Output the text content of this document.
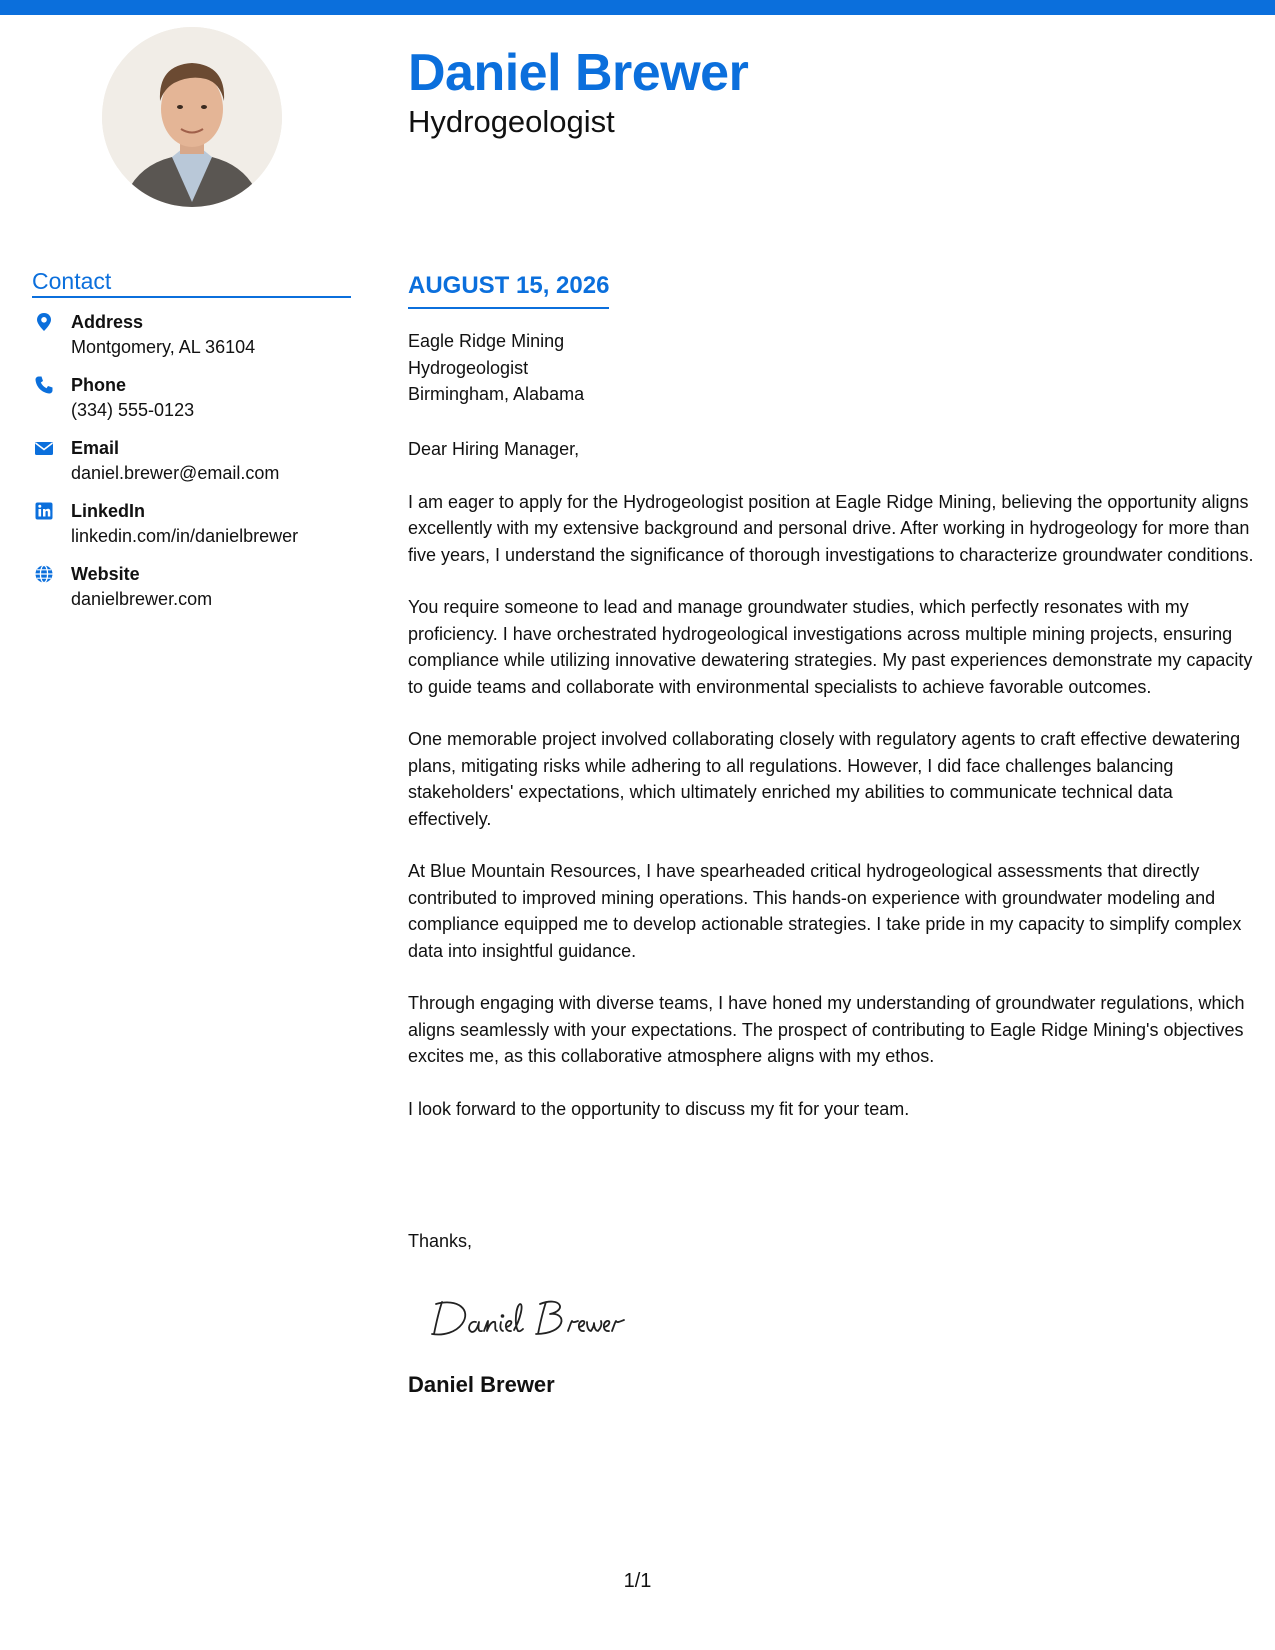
Daniel Brewer
Hydrogeologist
Contact
Address
Montgomery, AL 36104
Phone
(334) 555-0123
Email
daniel.brewer@email.com
LinkedIn
linkedin.com/in/danielbrewer
Website
danielbrewer.com
AUGUST 15, 2026
Eagle Ridge Mining
Hydrogeologist
Birmingham, Alabama

Dear Hiring Manager,

I am eager to apply for the Hydrogeologist position at Eagle Ridge Mining, believing the opportunity aligns excellently with my extensive background and personal drive. After working in hydrogeology for more than five years, I understand the significance of thorough investigations to characterize groundwater conditions.

You require someone to lead and manage groundwater studies, which perfectly resonates with my proficiency. I have orchestrated hydrogeological investigations across multiple mining projects, ensuring compliance while utilizing innovative dewatering strategies. My past experiences demonstrate my capacity to guide teams and collaborate with environmental specialists to achieve favorable outcomes.

One memorable project involved collaborating closely with regulatory agents to craft effective dewatering plans, mitigating risks while adhering to all regulations. However, I did face challenges balancing stakeholders' expectations, which ultimately enriched my abilities to communicate technical data effectively.

At Blue Mountain Resources, I have spearheaded critical hydrogeological assessments that directly contributed to improved mining operations. This hands-on experience with groundwater modeling and compliance equipped me to develop actionable strategies. I take pride in my capacity to simplify complex data into insightful guidance.

Through engaging with diverse teams, I have honed my understanding of groundwater regulations, which aligns seamlessly with your expectations. The prospect of contributing to Eagle Ridge Mining's objectives excites me, as this collaborative atmosphere aligns with my ethos.

I look forward to the opportunity to discuss my fit for your team.

Thanks,

Daniel Brewer

1/1
